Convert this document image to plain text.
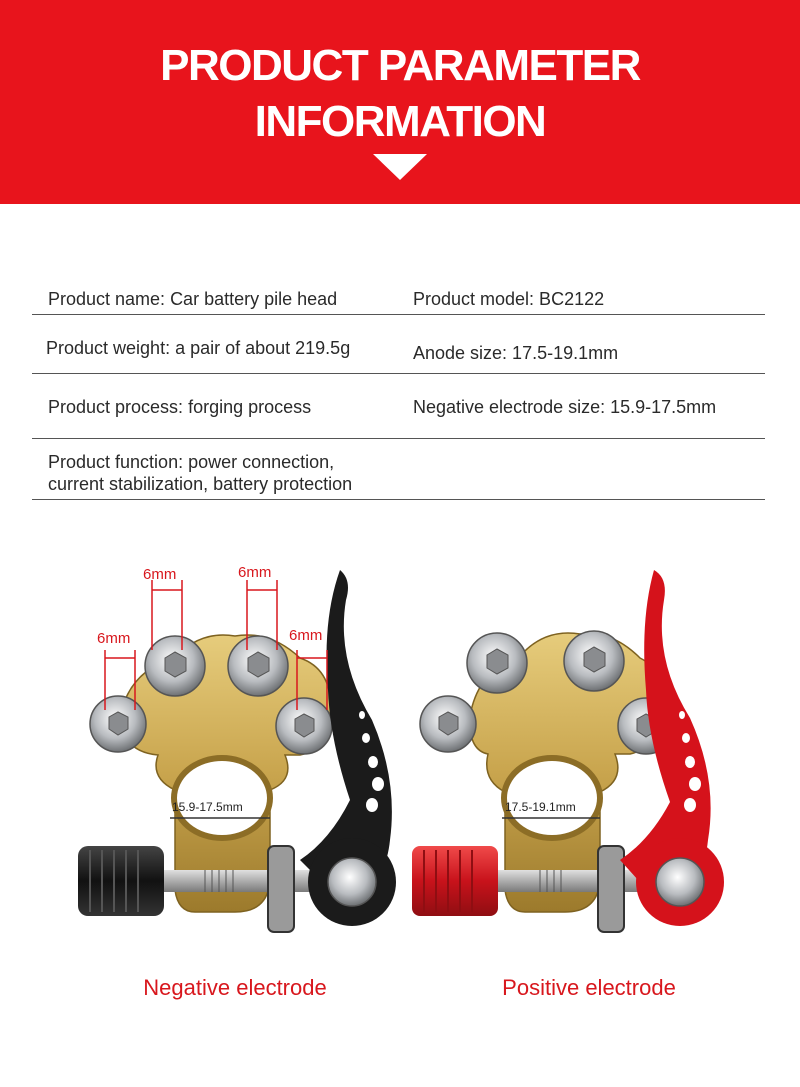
PRODUCT PARAMETER
INFORMATION
Product name: Car battery pile head	Product model: BC2122
Product weight: a pair of about 219.5g	Anode size: 17.5-19.1mm
Product process: forging process	Negative electrode size: 15.9-17.5mm
Product function: power connection,
current stabilization, battery protection
6mm	6mm
6mm	6mm
15.9-17.5mm	17.5-19.1mm
Negative electrode	Positive electrode
